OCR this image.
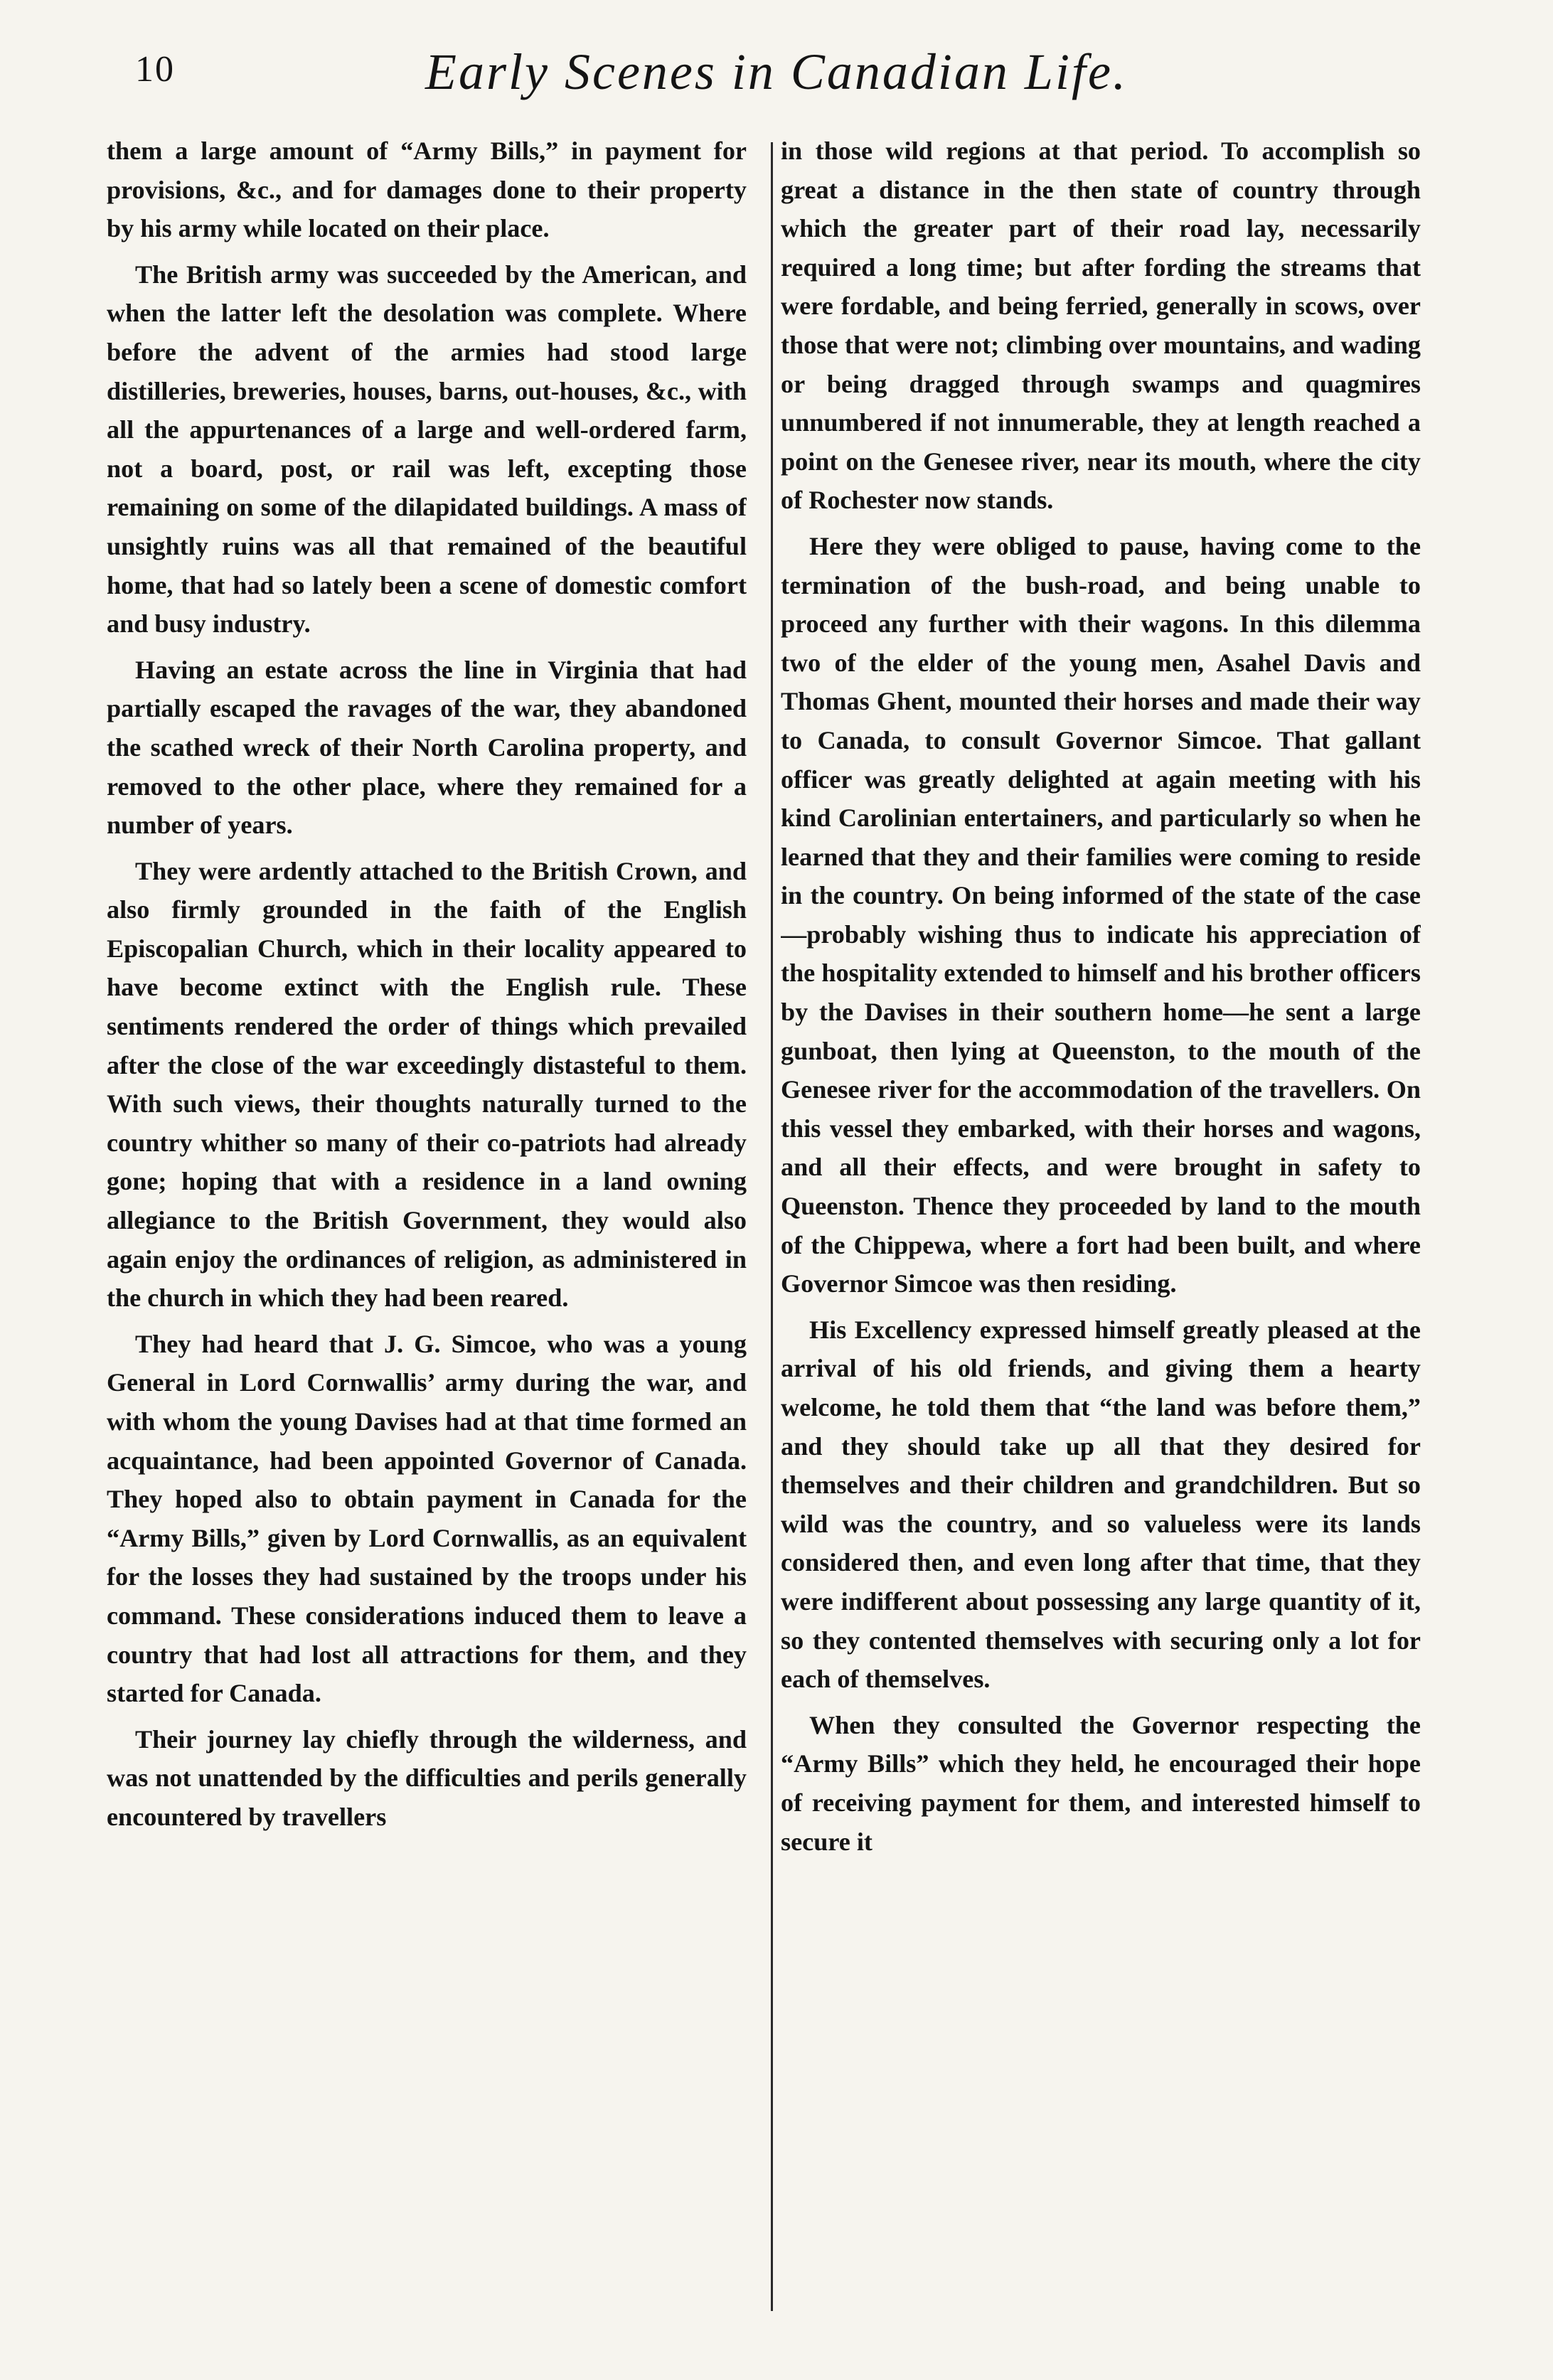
10	Early Scenes in Canadian Life.

them a large amount of “Army Bills,” in payment for provisions, &c., and for damages done to their property by his army while located on their place.

The British army was succeeded by the American, and when the latter left the desolation was complete. Where before the advent of the armies had stood large distilleries, breweries, houses, barns, out-houses, &c., with all the appurtenances of a large and well-ordered farm, not a board, post, or rail was left, excepting those remaining on some of the dilapidated buildings. A mass of unsightly ruins was all that remained of the beautiful home, that had so lately been a scene of domestic comfort and busy industry.

Having an estate across the line in Virginia that had partially escaped the ravages of the war, they abandoned the scathed wreck of their North Carolina property, and removed to the other place, where they remained for a number of years.

They were ardently attached to the British Crown, and also firmly grounded in the faith of the English Episcopalian Church, which in their locality appeared to have become extinct with the English rule. These sentiments rendered the order of things which prevailed after the close of the war exceedingly distasteful to them. With such views, their thoughts naturally turned to the country whither so many of their co-patriots had already gone; hoping that with a residence in a land owning allegiance to the British Government, they would also again enjoy the ordinances of religion, as administered in the church in which they had been reared.

They had heard that J. G. Simcoe, who was a young General in Lord Cornwallis’ army during the war, and with whom the young Davises had at that time formed an acquaintance, had been appointed Governor of Canada. They hoped also to obtain payment in Canada for the “Army Bills,” given by Lord Cornwallis, as an equivalent for the losses they had sustained by the troops under his command. These considerations induced them to leave a country that had lost all attractions for them, and they started for Canada.

Their journey lay chiefly through the wilderness, and was not unattended by the difficulties and perils generally encountered by travellers

in those wild regions at that period. To accomplish so great a distance in the then state of country through which the greater part of their road lay, necessarily required a long time; but after fording the streams that were fordable, and being ferried, generally in scows, over those that were not; climbing over mountains, and wading or being dragged through swamps and quagmires unnumbered if not innumerable, they at length reached a point on the Genesee river, near its mouth, where the city of Rochester now stands.

Here they were obliged to pause, having come to the termination of the bush-road, and being unable to proceed any further with their wagons. In this dilemma two of the elder of the young men, Asahel Davis and Thomas Ghent, mounted their horses and made their way to Canada, to consult Governor Simcoe. That gallant officer was greatly delighted at again meeting with his kind Carolinian entertainers, and particularly so when he learned that they and their families were coming to reside in the country. On being informed of the state of the case—probably wishing thus to indicate his appreciation of the hospitality extended to himself and his brother officers by the Davises in their southern home—he sent a large gunboat, then lying at Queenston, to the mouth of the Genesee river for the accommodation of the travellers. On this vessel they embarked, with their horses and wagons, and all their effects, and were brought in safety to Queenston. Thence they proceeded by land to the mouth of the Chippewa, where a fort had been built, and where Governor Simcoe was then residing.

His Excellency expressed himself greatly pleased at the arrival of his old friends, and giving them a hearty welcome, he told them that “the land was before them,” and they should take up all that they desired for themselves and their children and grandchildren. But so wild was the country, and so valueless were its lands considered then, and even long after that time, that they were indifferent about possessing any large quantity of it, so they contented themselves with securing only a lot for each of themselves.

When they consulted the Governor respecting the “Army Bills” which they held, he encouraged their hope of receiving payment for them, and interested himself to secure it
